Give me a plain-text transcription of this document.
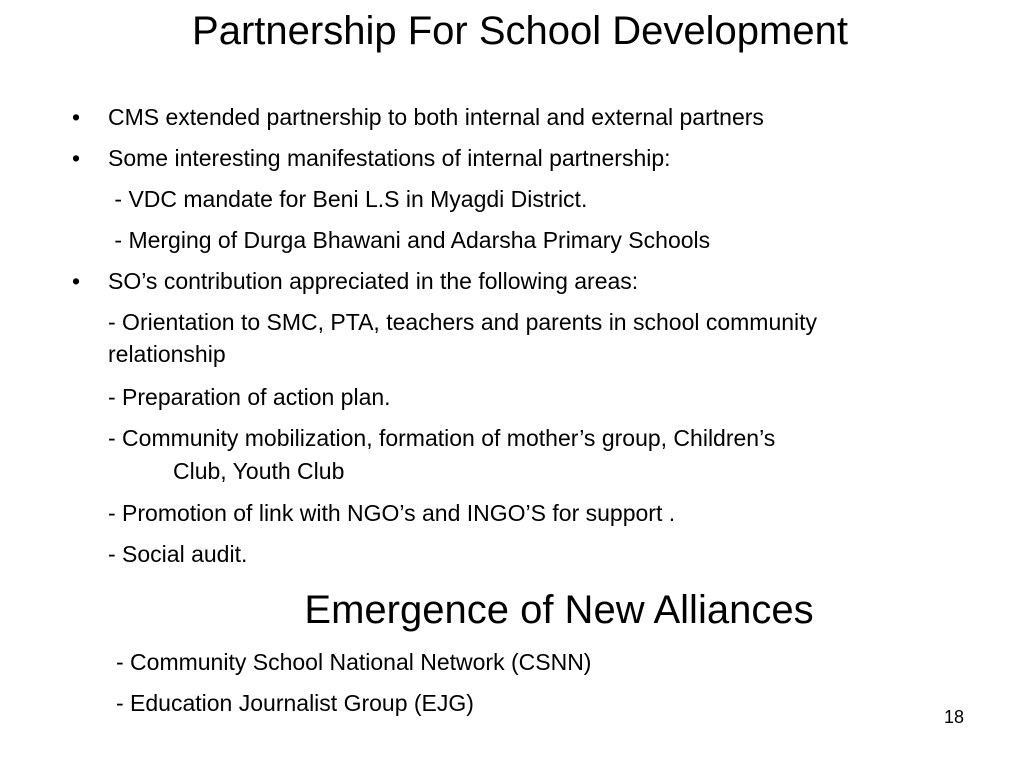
Partnership For School Development
• CMS extended partnership to both internal and external partners
• Some interesting manifestations of internal partnership:
- VDC mandate for Beni L.S in Myagdi District.
- Merging of Durga Bhawani and Adarsha Primary Schools
• SO’s contribution appreciated in the following areas:
- Orientation to SMC, PTA, teachers and parents in school community
relationship
- Preparation of action plan.
- Community mobilization, formation of mother’s group, Children’s
Club, Youth Club
- Promotion of link with NGO’s and INGO’S for support .
- Social audit.
Emergence of New Alliances
- Community School National Network (CSNN)
- Education Journalist Group (EJG)
18
